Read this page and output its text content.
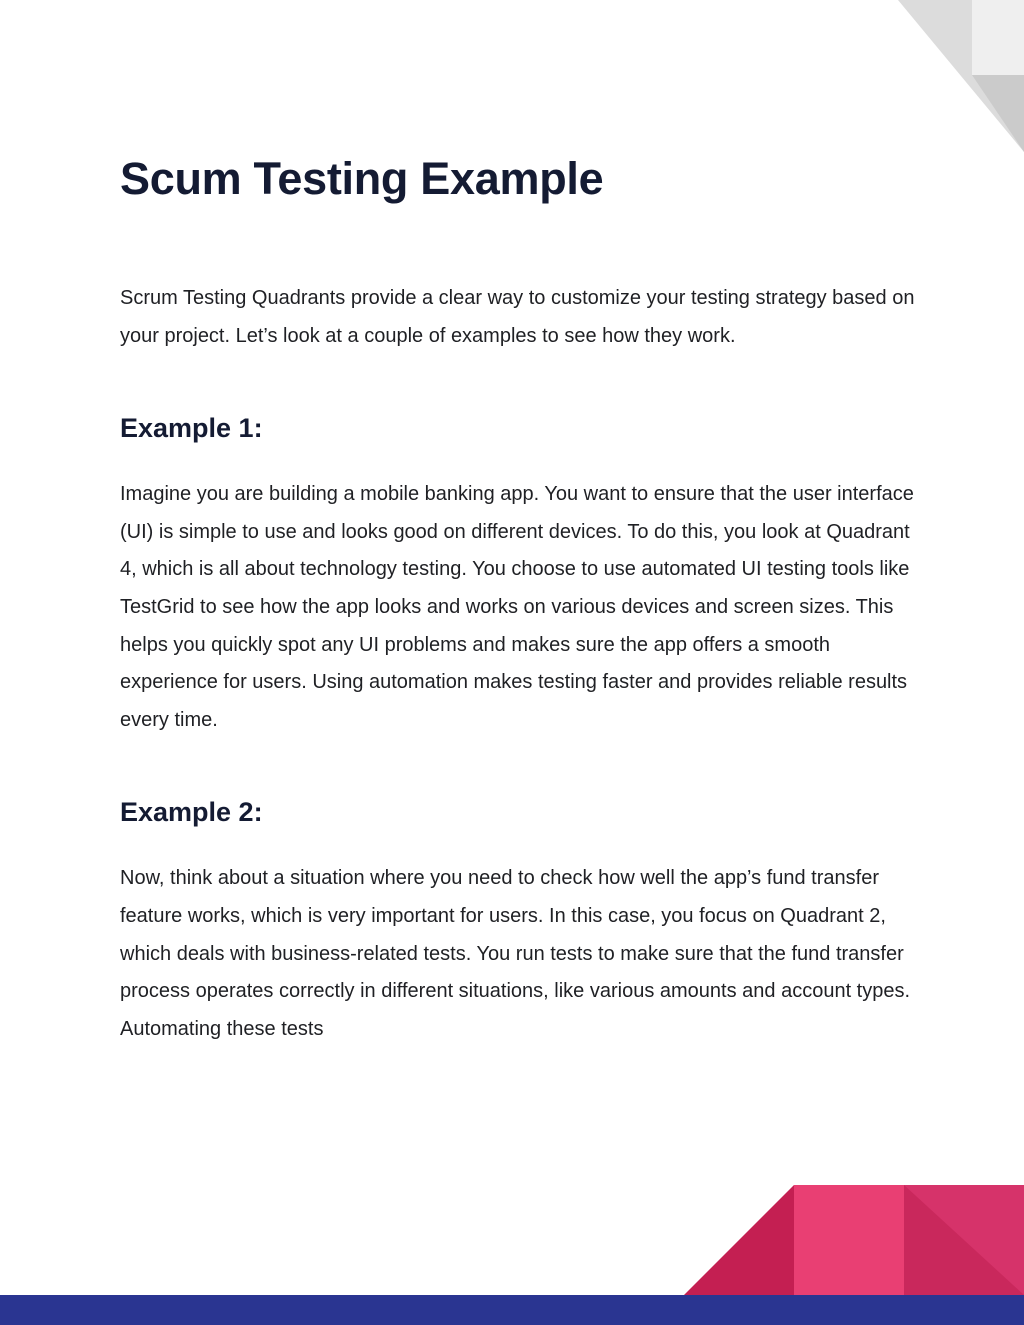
Scum Testing Example

Scrum Testing Quadrants provide a clear way to customize your testing strategy based on your project. Let’s look at a couple of examples to see how they work.

Example 1:

Imagine you are building a mobile banking app. You want to ensure that the user interface (UI) is simple to use and looks good on different devices. To do this, you look at Quadrant 4, which is all about technology testing. You choose to use automated UI testing tools like TestGrid to see how the app looks and works on various devices and screen sizes. This helps you quickly spot any UI problems and makes sure the app offers a smooth experience for users. Using automation makes testing faster and provides reliable results every time.

Example 2:

Now, think about a situation where you need to check how well the app’s fund transfer feature works, which is very important for users. In this case, you focus on Quadrant 2, which deals with business-related tests. You run tests to make sure that the fund transfer process operates correctly in different situations, like various amounts and account types. Automating these tests
